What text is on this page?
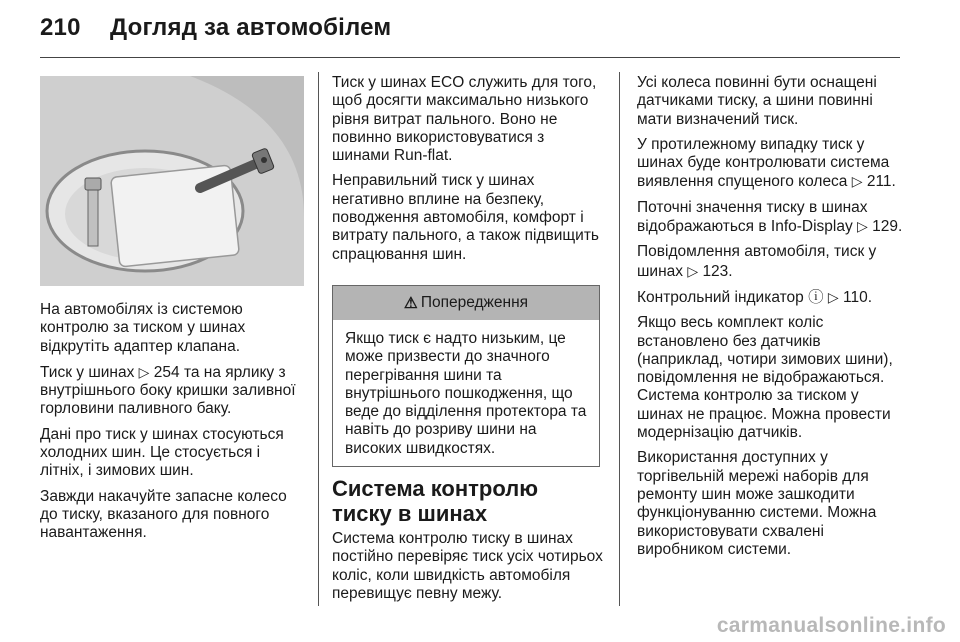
210 Догляд за автомобілем

На автомобілях із системою контролю за тиском у шинах відкрутіть адаптер клапана.

Тиск у шинах ▷ 254 та на ярлику з внутрішнього боку кришки заливної горловини паливного баку.

Дані про тиск у шинах стосуються холодних шин. Це стосується і літніх, і зимових шин.

Завжди накачуйте запасне колесо до тиску, вказаного для повного навантаження.

Тиск у шинах ECO служить для того, щоб досягти максимально низького рівня витрат пального. Воно не повинно використовуватися з шинами Run-flat.

Неправильний тиск у шинах негативно вплине на безпеку, поводження автомобіля, комфорт і витрату пального, а також підвищить спрацювання шин.

⚠ Попередження
Якщо тиск є надто низьким, це може призвести до значного перегрівання шини та внутрішнього пошкодження, що веде до відділення протектора та навіть до розриву шини на високих швидкостях.
Система контролю тиску в шинах

Система контролю тиску в шинах постійно перевіряє тиск усіх чотирьох коліс, коли швидкість автомобіля перевищує певну межу.

Усі колеса повинні бути оснащені датчиками тиску, а шини повинні мати визначений тиск.

У протилежному випадку тиск у шинах буде контролювати система виявлення спущеного колеса ▷ 211.

Поточні значення тиску в шинах відображаються в Info-Display ▷ 129.

Повідомлення автомобіля, тиск у шинах ▷ 123.

Контрольний індикатор ⓘ ▷ 110.

Якщо весь комплект коліс встановлено без датчиків (наприклад, чотири зимових шини), повідомлення не відображаються. Система контролю за тиском у шинах не працює. Можна провести модернізацію датчиків.

Використання доступних у торгівельній мережі наборів для ремонту шин може зашкодити функціонуванню системи. Можна використовувати схвалені виробником системи.

carmanualsonline.info
